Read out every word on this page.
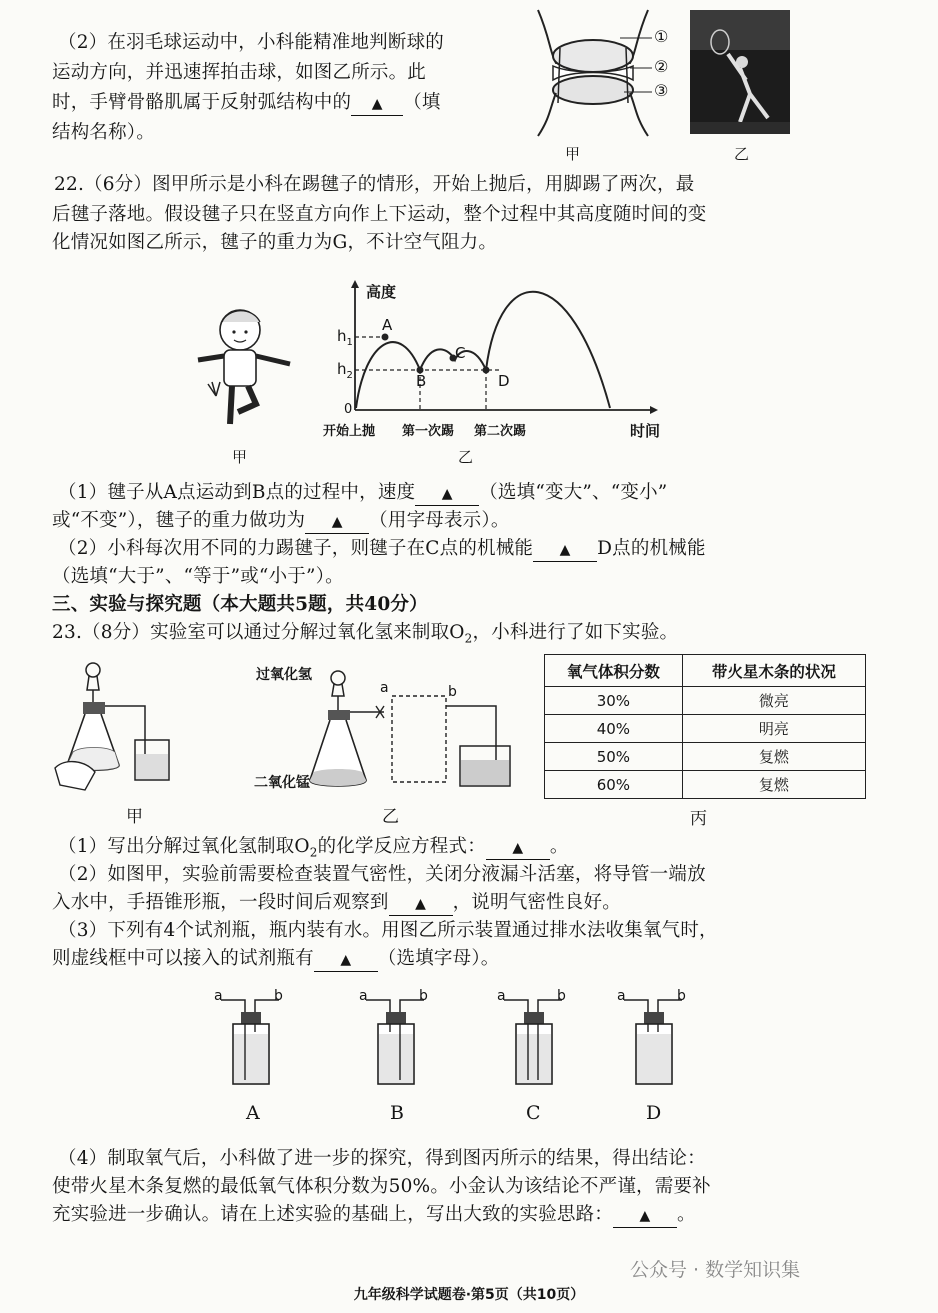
（2）在羽毛球运动中，小科能精准地判断球的
运动方向，并迅速挥拍击球，如图乙所示。此
时，手臂骨骼肌属于反射弧结构中的 ▲ （填
结构名称）。
①
②
③
甲	乙
22.（6分）图甲所示是小科在踢毽子的情形，开始上抛后，用脚踢了两次，最
后毽子落地。假设毽子只在竖直方向作上下运动，整个过程中其高度随时间的变
化情况如图乙所示，毽子的重力为G，不计空气阻力。
甲
高度
时间
0
$h_1$
$h_2$
A
B
C
D
开始上抛 第一次踢 第二次踢
乙
（1）毽子从A点运动到B点的过程中，速度 ▲ （选填“变大”、“变小”
或“不变”），毽子的重力做功为 ▲ （用字母表示）。
（2）小科每次用不同的力踢毽子，则毽子在C点的机械能 ▲ D点的机械能
（选填“大于”、“等于”或“小于”）。
三、实验与探究题（本大题共5题，共40分）
23.（8分）实验室可以通过分解过氧化氢来制取$O_2$，小科进行了如下实验。
甲
过氧化氢
二氧化锰
a	b
乙
氧气体积分数	带火星木条的状况
30%	微亮
40%	明亮
50%	复燃
60%	复燃
丙
（1）写出分解过氧化氢制取$O_2$的化学反应方程式： ▲ 。
（2）如图甲，实验前需要检查装置气密性，关闭分液漏斗活塞，将导管一端放
入水中，手捂锥形瓶，一段时间后观察到 ▲ ，说明气密性良好。
（3）下列有4个试剂瓶，瓶内装有水。用图乙所示装置通过排水法收集氧气时，
则虚线框中可以接入的试剂瓶有 ▲ （选填字母）。
a	b	a	b	a	b	a	b
A	B	C	D
（4）制取氧气后，小科做了进一步的探究，得到图丙所示的结果，得出结论：
使带火星木条复燃的最低氧气体积分数为50%。小金认为该结论不严谨，需要补
充实验进一步确认。请在上述实验的基础上，写出大致的实验思路： ▲ 。
公众号 · 数学知识集
九年级科学试题卷·第5页（共10页）
